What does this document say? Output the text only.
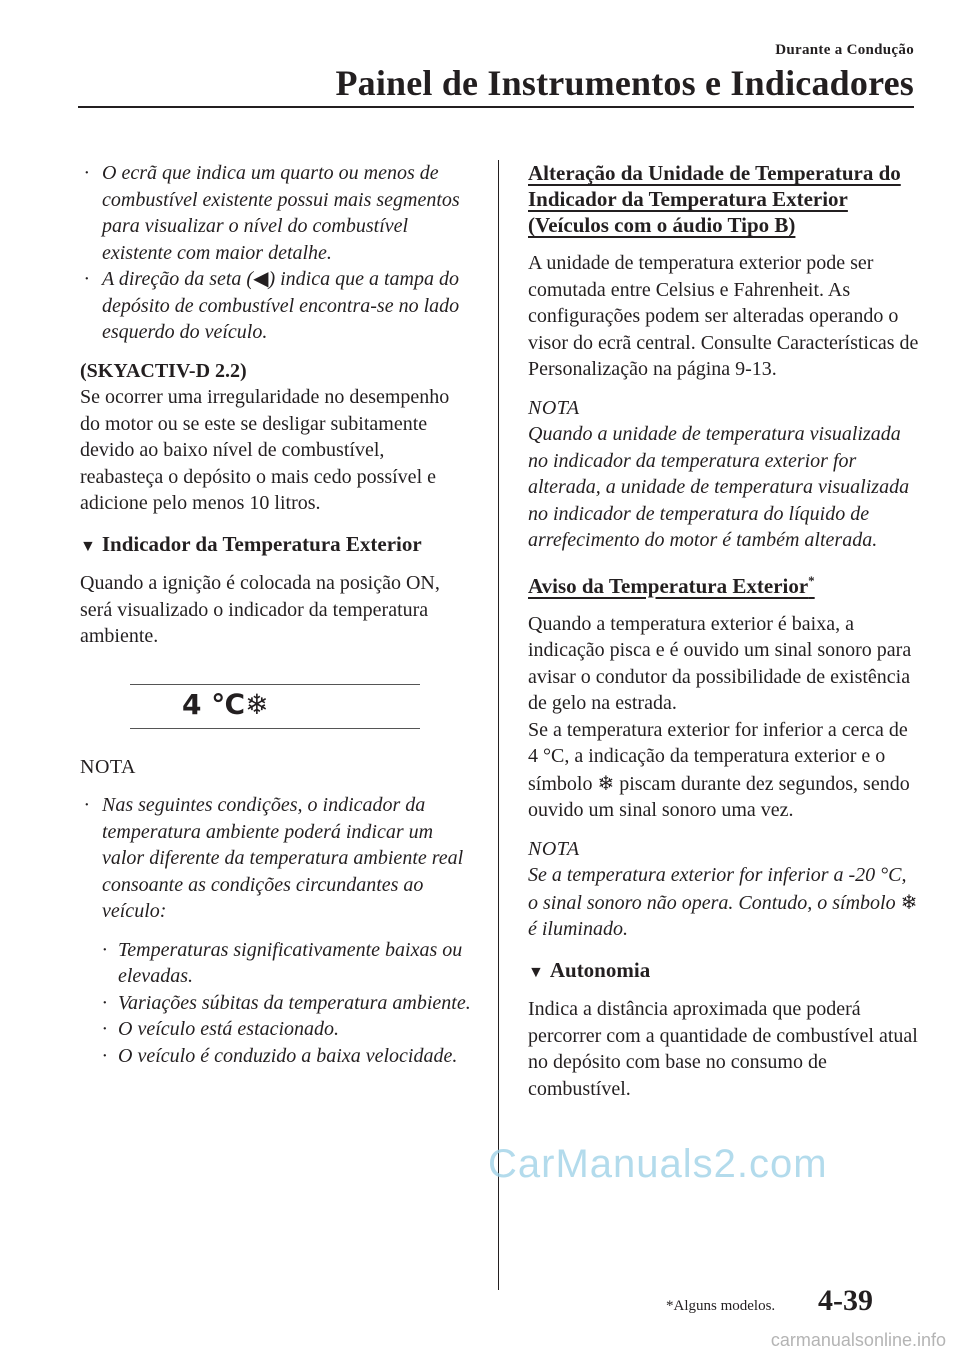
Durante a Condução
Painel de Instrumentos e Indicadores

· O ecrã que indica um quarto ou menos de combustível existente possui mais segmentos para visualizar o nível do combustível existente com maior detalhe.

· A direção da seta (◀) indica que a tampa do depósito de combustível encontra-se no lado esquerdo do veículo.

(SKYACTIV-D 2.2)

Se ocorrer uma irregularidade no desempenho do motor ou se este se desligar subitamente devido ao baixo nível de combustível, reabasteça o depósito o mais cedo possível e adicione pelo menos 10 litros.

▼ Indicador da Temperatura Exterior

Quando a ignição é colocada na posição ON, será visualizado o indicador da temperatura ambiente.

4 ℃❄

NOTA

· Nas seguintes condições, o indicador da temperatura ambiente poderá indicar um valor diferente da temperatura ambiente real consoante as condições circundantes ao veículo:

· Temperaturas significativamente baixas ou elevadas.

· Variações súbitas da temperatura ambiente.

· O veículo está estacionado.

· O veículo é conduzido a baixa velocidade.

Alteração da Unidade de Temperatura do Indicador da Temperatura Exterior (Veículos com o áudio Tipo B)

A unidade de temperatura exterior pode ser comutada entre Celsius e Fahrenheit. As configurações podem ser alteradas operando o visor do ecrã central. Consulte Características de Personalização na página 9-13.

NOTA

Quando a unidade de temperatura visualizada no indicador da temperatura exterior for alterada, a unidade de temperatura visualizada no indicador de temperatura do líquido de arrefecimento do motor é também alterada.

Aviso da Temperatura Exterior*

Quando a temperatura exterior é baixa, a indicação pisca e é ouvido um sinal sonoro para avisar o condutor da possibilidade de existência de gelo na estrada.

Se a temperatura exterior for inferior a cerca de 4 °C, a indicação da temperatura exterior e o símbolo ❄ piscam durante dez segundos, sendo ouvido um sinal sonoro uma vez.

NOTA

Se a temperatura exterior for inferior a -20 °C, o sinal sonoro não opera. Contudo, o símbolo ❄ é iluminado.

▼ Autonomia

Indica a distância aproximada que poderá percorrer com a quantidade de combustível atual no depósito com base no consumo de combustível.

*Alguns modelos. 4-39
CarManuals2.com
carmanualsonline.info
